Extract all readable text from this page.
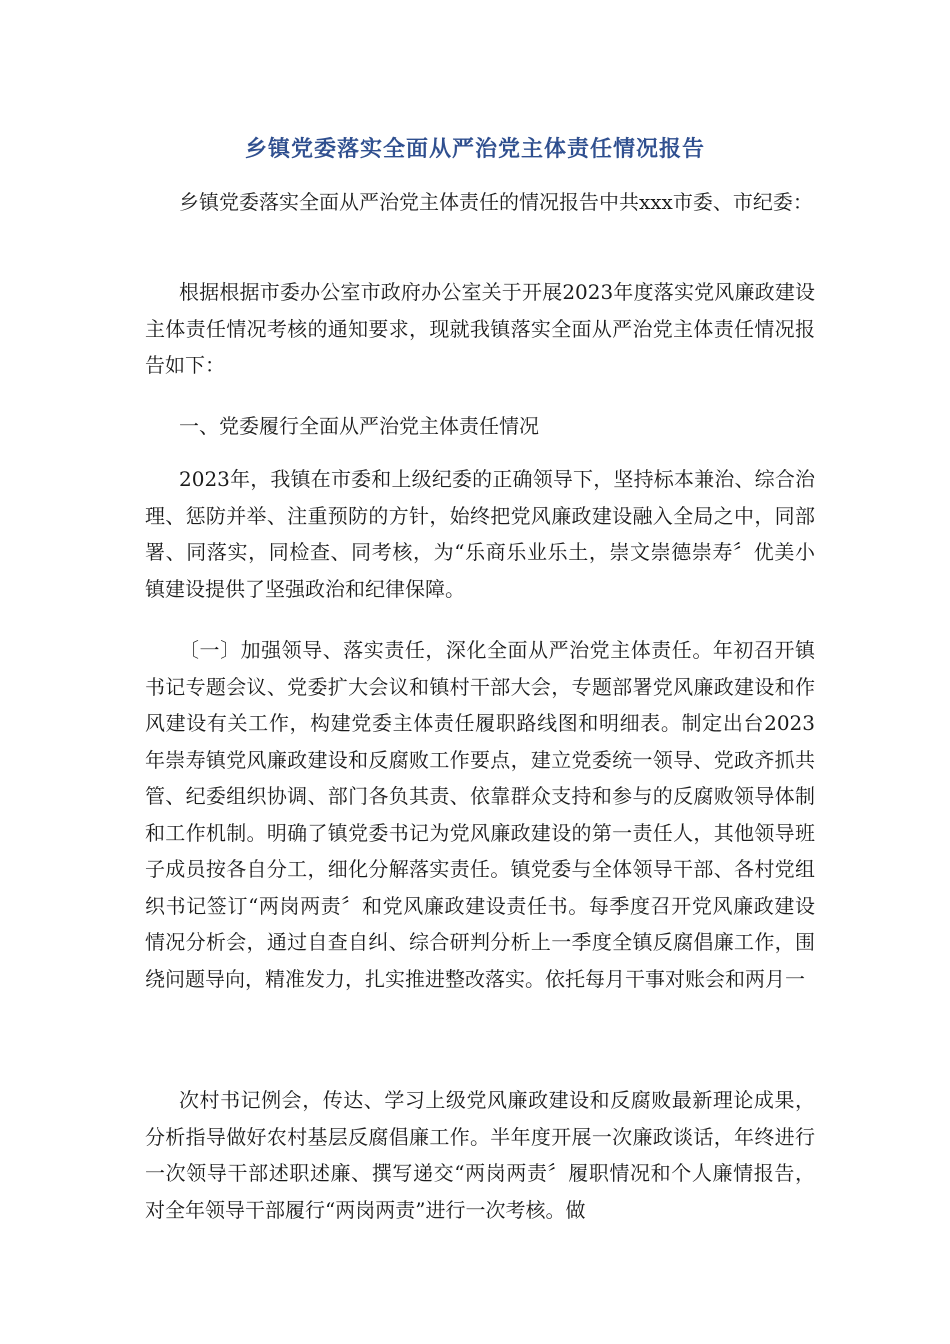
乡镇党委落实全面从严治党主体责任情况报告

乡镇党委落实全面从严治党主体责任的情况报告中共xxx市委、市纪委：

根据根据市委办公室市政府办公室关于开展2023年度落实党风廉政建设主体责任情况考核的通知要求，现就我镇落实全面从严治党主体责任情况报告如下：

一、党委履行全面从严治党主体责任情况

2023年，我镇在市委和上级纪委的正确领导下，坚持标本兼治、综合治理、惩防并举、注重预防的方针，始终把党风廉政建设融入全局之中，同部署、同落实，同检查、同考核，为“乐商乐业乐土，崇文崇德崇寿〞优美小镇建设提供了坚强政治和纪律保障。

〔一〕加强领导、落实责任，深化全面从严治党主体责任。年初召开镇书记专题会议、党委扩大会议和镇村干部大会，专题部署党风廉政建设和作风建设有关工作，构建党委主体责任履职路线图和明细表。制定出台2023年崇寿镇党风廉政建设和反腐败工作要点，建立党委统一领导、党政齐抓共管、纪委组织协调、部门各负其责、依靠群众支持和参与的反腐败领导体制和工作机制。明确了镇党委书记为党风廉政建设的第一责任人，其他领导班子成员按各自分工，细化分解落实责任。镇党委与全体领导干部、各村党组织书记签订“两岗两责〞和党风廉政建设责任书。每季度召开党风廉政建设情况分析会，通过自查自纠、综合研判分析上一季度全镇反腐倡廉工作，围绕问题导向，精准发力，扎实推进整改落实。依托每月干事对账会和两月一

次村书记例会，传达、学习上级党风廉政建设和反腐败最新理论成果，分析指导做好农村基层反腐倡廉工作。半年度开展一次廉政谈话，年终进行一次领导干部述职述廉、撰写递交“两岗两责〞履职情况和个人廉情报告，对全年领导干部履行“两岗两责”进行一次考核。做
